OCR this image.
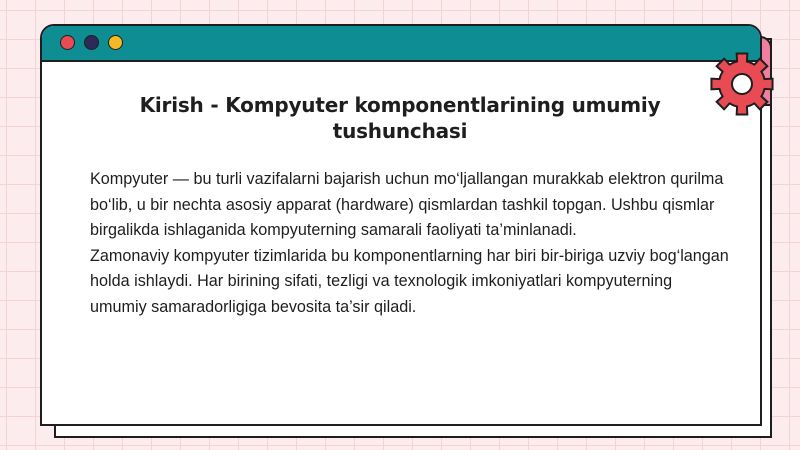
Kirish - Kompyuter komponentlarining umumiy tushunchasi

Kompyuter — bu turli vazifalarni bajarish uchun mo‘ljallangan murakkab elektron qurilma bo‘lib, u bir nechta asosiy apparat (hardware) qismlardan tashkil topgan. Ushbu qismlar birgalikda ishlaganida kompyuterning samarali faoliyati ta’minlanadi.

Zamonaviy kompyuter tizimlarida bu komponentlarning har biri bir-biriga uzviy bog‘langan holda ishlaydi. Har birining sifati, tezligi va texnologik imkoniyatlari kompyuterning umumiy samaradorligiga bevosita ta’sir qiladi.
